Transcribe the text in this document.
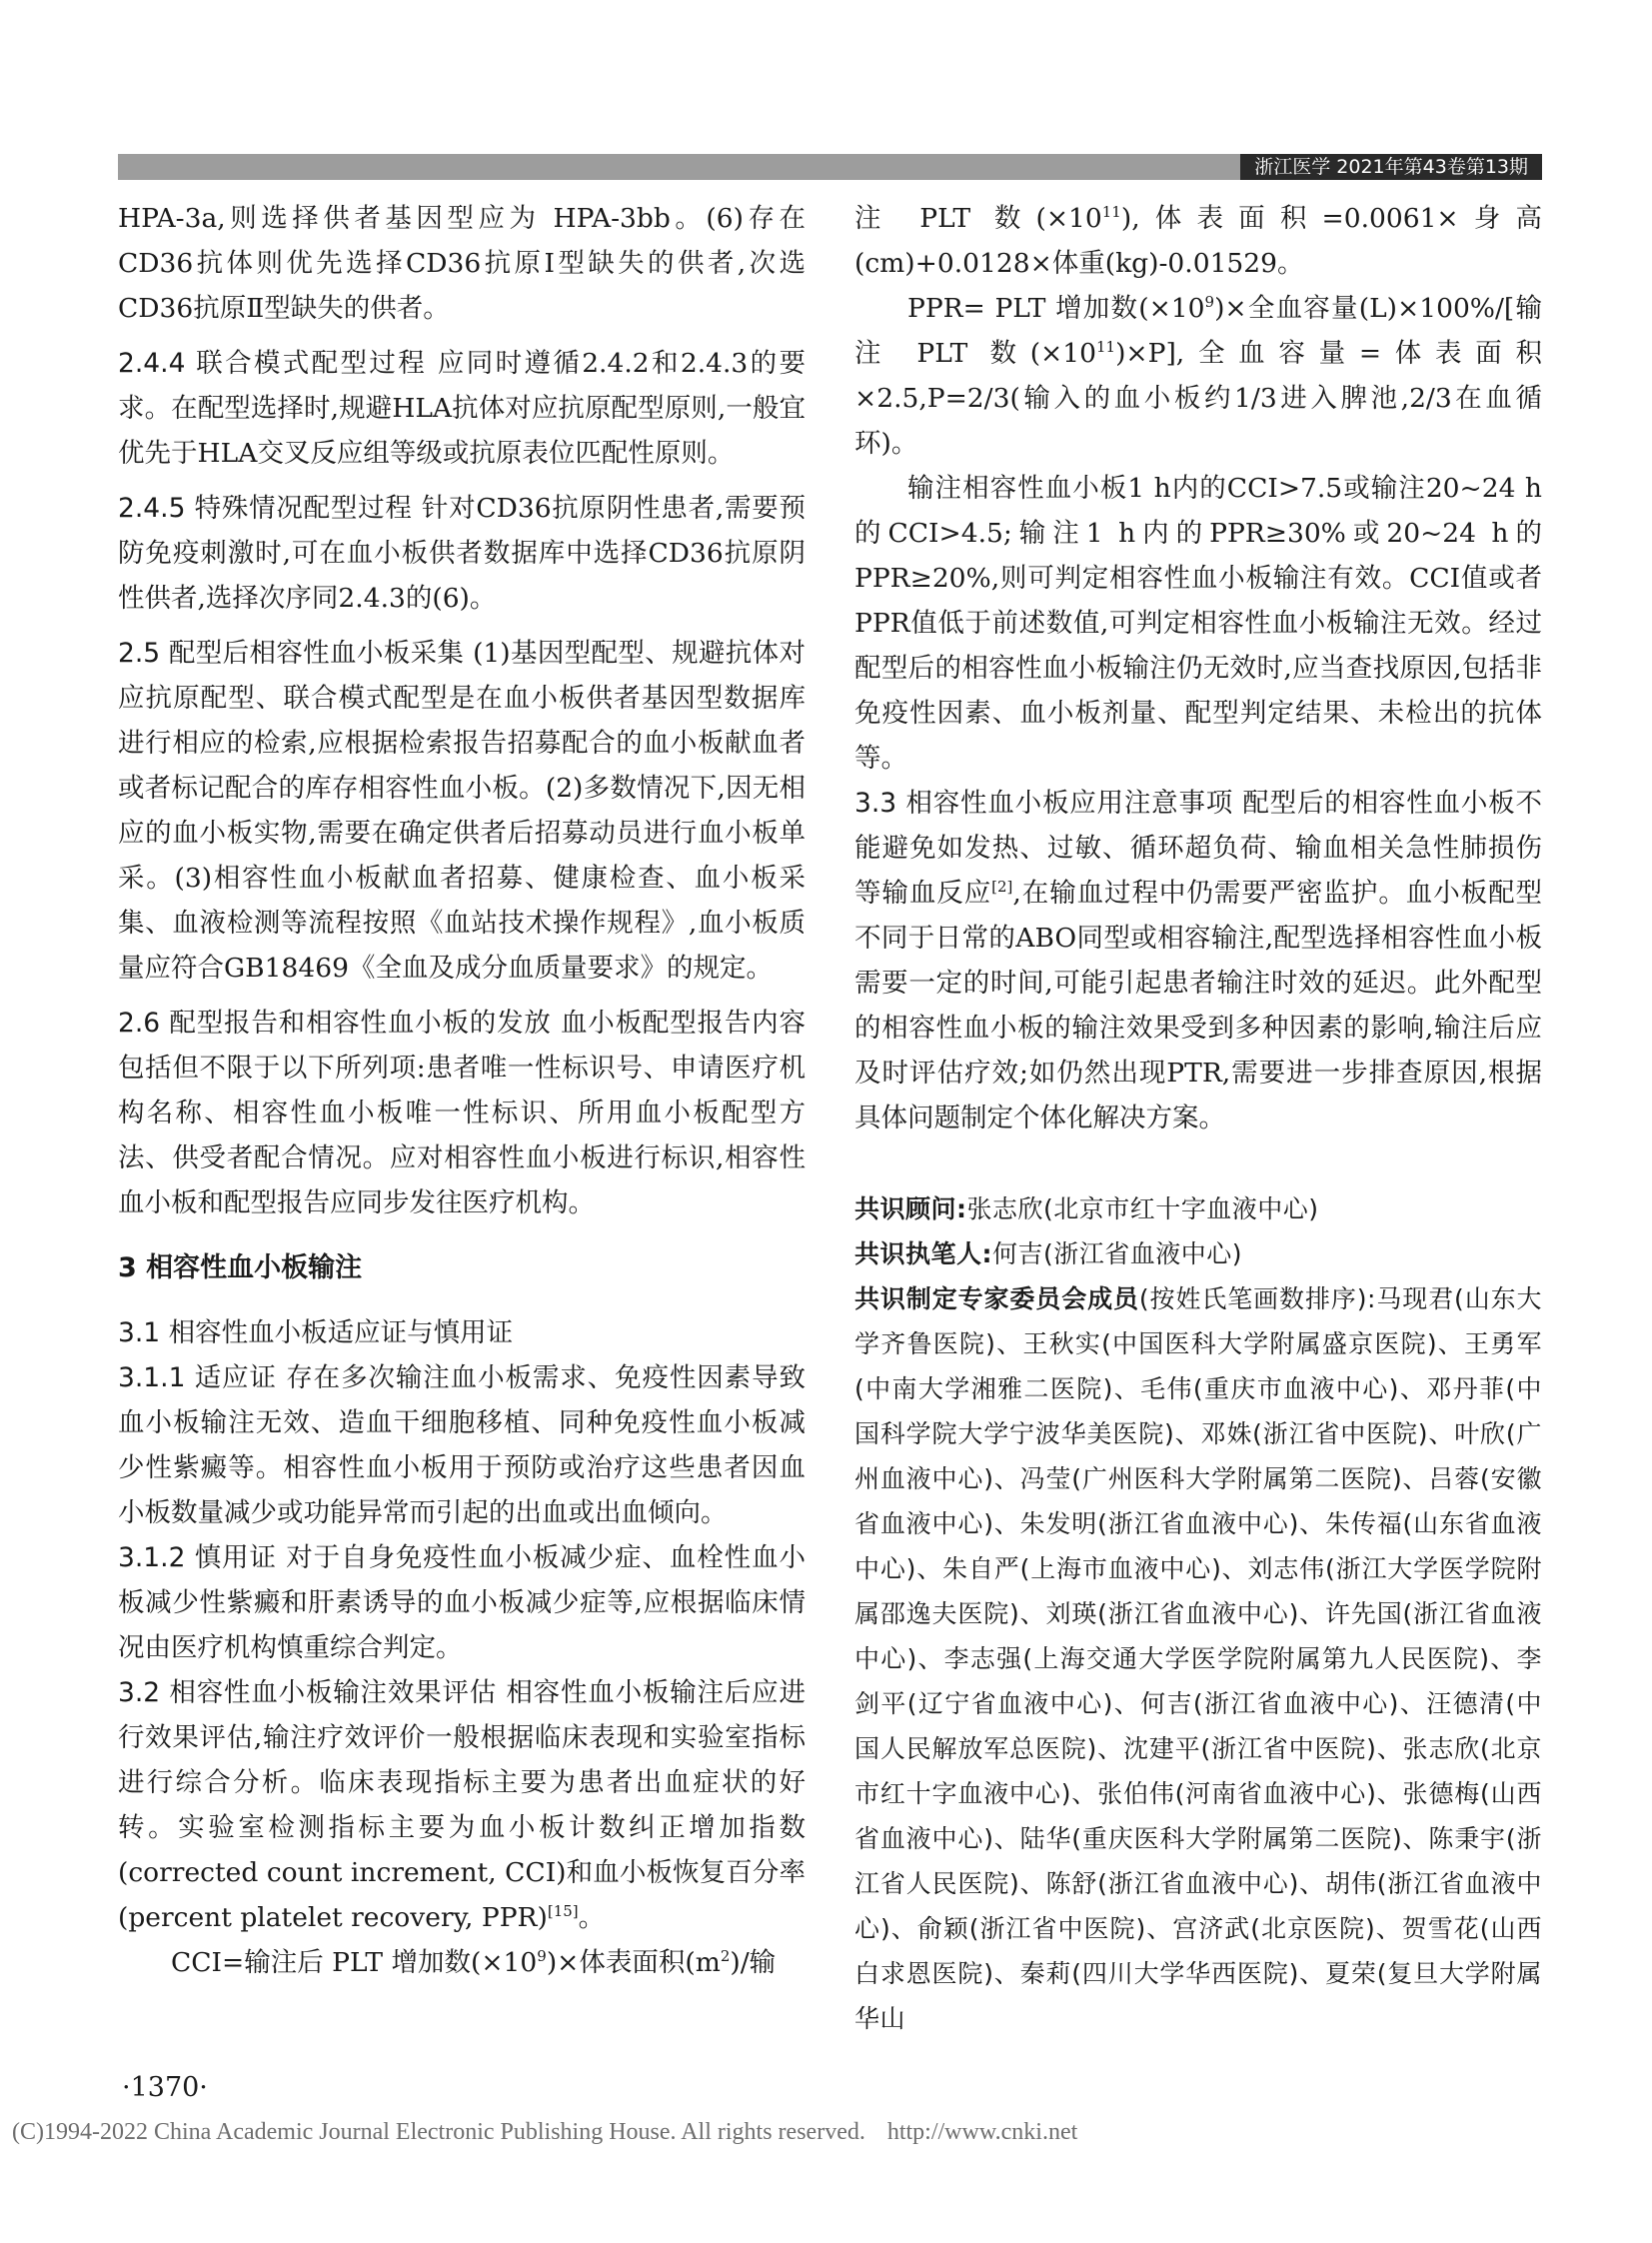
浙江医学 2021年第43卷第13期

HPA-3a,则选择供者基因型应为 HPA-3bb。(6)存在CD36抗体则优先选择CD36抗原Ⅰ型缺失的供者,次选CD36抗原Ⅱ型缺失的供者。

2.4.4 联合模式配型过程 应同时遵循2.4.2和2.4.3的要求。在配型选择时,规避HLA抗体对应抗原配型原则,一般宜优先于HLA交叉反应组等级或抗原表位匹配性原则。

2.4.5 特殊情况配型过程 针对CD36抗原阴性患者,需要预防免疫刺激时,可在血小板供者数据库中选择CD36抗原阴性供者,选择次序同2.4.3的(6)。

2.5 配型后相容性血小板采集 (1)基因型配型、规避抗体对应抗原配型、联合模式配型是在血小板供者基因型数据库进行相应的检索,应根据检索报告招募配合的血小板献血者或者标记配合的库存相容性血小板。(2)多数情况下,因无相应的血小板实物,需要在确定供者后招募动员进行血小板单采。(3)相容性血小板献血者招募、健康检查、血小板采集、血液检测等流程按照《血站技术操作规程》,血小板质量应符合GB18469《全血及成分血质量要求》的规定。

2.6 配型报告和相容性血小板的发放 血小板配型报告内容包括但不限于以下所列项:患者唯一性标识号、申请医疗机构名称、相容性血小板唯一性标识、所用血小板配型方法、供受者配合情况。应对相容性血小板进行标识,相容性血小板和配型报告应同步发往医疗机构。

3 相容性血小板输注

3.1 相容性血小板适应证与慎用证

3.1.1 适应证 存在多次输注血小板需求、免疫性因素导致血小板输注无效、造血干细胞移植、同种免疫性血小板减少性紫癜等。相容性血小板用于预防或治疗这些患者因血小板数量减少或功能异常而引起的出血或出血倾向。

3.1.2 慎用证 对于自身免疫性血小板减少症、血栓性血小板减少性紫癜和肝素诱导的血小板减少症等,应根据临床情况由医疗机构慎重综合判定。

3.2 相容性血小板输注效果评估 相容性血小板输注后应进行效果评估,输注疗效评价一般根据临床表现和实验室指标进行综合分析。临床表现指标主要为患者出血症状的好转。实验室检测指标主要为血小板计数纠正增加指数(corrected count increment, CCI)和血小板恢复百分率(percent platelet recovery, PPR)[15]。

CCI=输注后 PLT 增加数$(\times 10^9)\times$体表面积$(m^2)/$输

注 PLT 数$(\times 10^{11})$,体表面积=0.0061×身高(cm)+0.0128×体重(kg)-0.01529。

PPR= PLT 增加数$(\times 10^9)\times$全血容量(L)×100%/[输注 PLT 数$(\times 10^{11})\times P$],全血容量=体表面积×2.5,P=2/3(输入的血小板约1/3进入脾池,2/3在血循环)。

输注相容性血小板1 h内的CCI>7.5或输注20~24 h的CCI>4.5;输注1 h内的PPR≥30%或20~24 h的PPR≥20%,则可判定相容性血小板输注有效。CCI值或者PPR值低于前述数值,可判定相容性血小板输注无效。经过配型后的相容性血小板输注仍无效时,应当查找原因,包括非免疫性因素、血小板剂量、配型判定结果、未检出的抗体等。

3.3 相容性血小板应用注意事项 配型后的相容性血小板不能避免如发热、过敏、循环超负荷、输血相关急性肺损伤等输血反应[2],在输血过程中仍需要严密监护。血小板配型不同于日常的ABO同型或相容输注,配型选择相容性血小板需要一定的时间,可能引起患者输注时效的延迟。此外配型的相容性血小板的输注效果受到多种因素的影响,输注后应及时评估疗效;如仍然出现PTR,需要进一步排查原因,根据具体问题制定个体化解决方案。

共识顾问:张志欣(北京市红十字血液中心)

共识执笔人:何吉(浙江省血液中心)

共识制定专家委员会成员(按姓氏笔画数排序):马现君(山东大学齐鲁医院)、王秋实(中国医科大学附属盛京医院)、王勇军(中南大学湘雅二医院)、毛伟(重庆市血液中心)、邓丹菲(中国科学院大学宁波华美医院)、邓姝(浙江省中医院)、叶欣(广州血液中心)、冯莹(广州医科大学附属第二医院)、吕蓉(安徽省血液中心)、朱发明(浙江省血液中心)、朱传福(山东省血液中心)、朱自严(上海市血液中心)、刘志伟(浙江大学医学院附属邵逸夫医院)、刘瑛(浙江省血液中心)、许先国(浙江省血液中心)、李志强(上海交通大学医学院附属第九人民医院)、李剑平(辽宁省血液中心)、何吉(浙江省血液中心)、汪德清(中国人民解放军总医院)、沈建平(浙江省中医院)、张志欣(北京市红十字血液中心)、张伯伟(河南省血液中心)、张德梅(山西省血液中心)、陆华(重庆医科大学附属第二医院)、陈秉宇(浙江省人民医院)、陈舒(浙江省血液中心)、胡伟(浙江省血液中心)、俞颖(浙江省中医院)、宫济武(北京医院)、贺雪花(山西白求恩医院)、秦莉(四川大学华西医院)、夏荣(复旦大学附属华山

·1370·
(C)1994-2022 China Academic Journal Electronic Publishing House. All rights reserved. http://www.cnki.net
